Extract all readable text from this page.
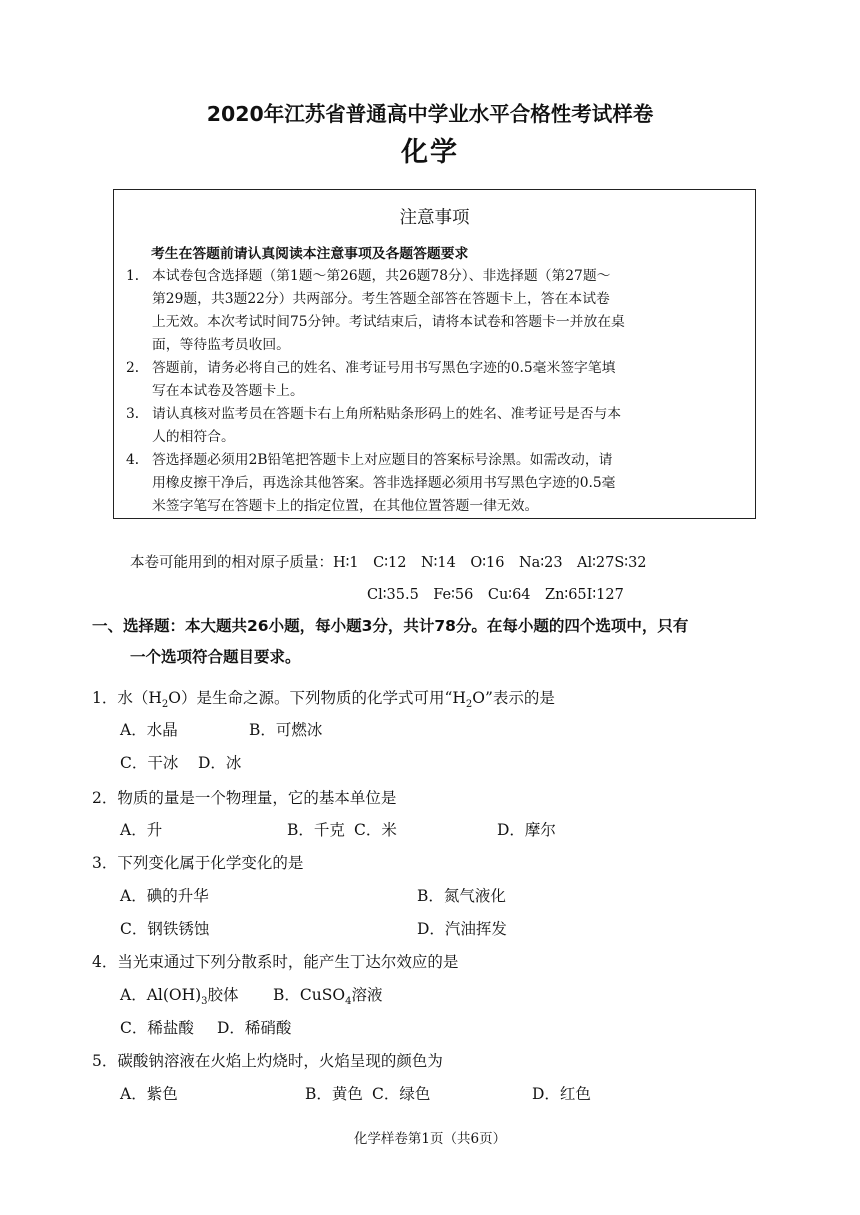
2020年江苏省普通高中学业水平合格性考试样卷
化学
注意事项
考生在答题前请认真阅读本注意事项及各题答题要求
1． 本试卷包含选择题（第1题～第26题，共26题78分）、非选择题（第27题～
第29题，共3题22分）共两部分。考生答题全部答在答题卡上，答在本试卷
上无效。本次考试时间75分钟。考试结束后，请将本试卷和答题卡一并放在桌
面，等待监考员收回。
2． 答题前，请务必将自己的姓名、准考证号用书写黑色字迹的0.5毫米签字笔填
写在本试卷及答题卡上。
3． 请认真核对监考员在答题卡右上角所粘贴条形码上的姓名、准考证号是否与本
人的相符合。
4． 答选择题必须用2B铅笔把答题卡上对应题目的答案标号涂黑。如需改动，请
用橡皮擦干净后，再选涂其他答案。答非选择题必须用书写黑色字迹的0.5毫
米签字笔写在答题卡上的指定位置，在其他位置答题一律无效。
本卷可能用到的相对原子质量：H∶1　C∶12　N∶14　O∶16　Na∶23　Al∶27S∶32
Cl∶35.5　Fe∶56　Cu∶64　Zn∶65I∶127
一、选择题：本大题共26小题，每小题3分，共计78分。在每小题的四个选项中，只有
一个选项符合题目要求。
1．水$(H_2O)$是生命之源。下列物质的化学式可用“$H_2O$”表示的是
A．水晶	B．可燃冰
C．干冰 D．冰
2．物质的量是一个物理量，它的基本单位是
A．升	B．千克 C．米	D．摩尔
3．下列变化属于化学变化的是
A．碘的升华	B．氮气液化
C．钢铁锈蚀	D．汽油挥发
4．当光束通过下列分散系时，能产生丁达尔效应的是
A．$Al(OH)_3$胶体 B．CuSO$_4$溶液
C．稀盐酸 D．稀硝酸
5．碳酸钠溶液在火焰上灼烧时，火焰呈现的颜色为
A．紫色	B．黄色 C．绿色	D．红色
化学样卷第1页（共6页）
